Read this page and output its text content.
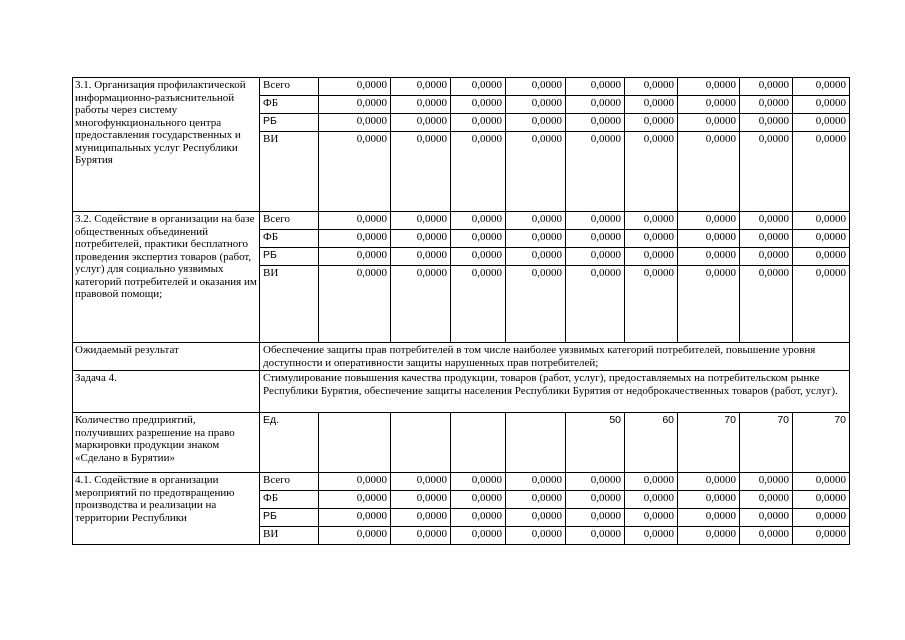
3.1. Организация профилактической информационно-разъяснительной работы через систему многофункционального центра предоставления государственных и муниципальных услуг Республики Бурятия	Всего	0,0000	0,0000	0,0000	0,0000	0,0000	0,0000	0,0000	0,0000	0,0000
	ФБ	0,0000	0,0000	0,0000	0,0000	0,0000	0,0000	0,0000	0,0000	0,0000
	РБ	0,0000	0,0000	0,0000	0,0000	0,0000	0,0000	0,0000	0,0000	0,0000
	ВИ	0,0000	0,0000	0,0000	0,0000	0,0000	0,0000	0,0000	0,0000	0,0000
3.2. Содействие в организации на базе общественных объединений потребителей, практики бесплатного проведения экспертиз товаров (работ, услуг) для социально уязвимых категорий потребителей и оказания им правовой помощи;	Всего	0,0000	0,0000	0,0000	0,0000	0,0000	0,0000	0,0000	0,0000	0,0000
	ФБ	0,0000	0,0000	0,0000	0,0000	0,0000	0,0000	0,0000	0,0000	0,0000
	РБ	0,0000	0,0000	0,0000	0,0000	0,0000	0,0000	0,0000	0,0000	0,0000
	ВИ	0,0000	0,0000	0,0000	0,0000	0,0000	0,0000	0,0000	0,0000	0,0000
Ожидаемый результат	Обеспечение защиты прав потребителей в том числе наиболее уязвимых категорий потребителей, повышение уровня доступности и оперативности защиты нарушенных прав потребителей;									
Задача 4.	Стимулирование повышения качества продукции, товаров (работ, услуг), предоставляемых на потребительском рынке Республики Бурятия, обеспечение защиты населения Республики Бурятия от недоброкачественных товаров (работ, услуг).									
Количество предприятий, получивших разрешение на право маркировки продукции знаком «Сделано в Бурятии»	Ед.					50	60	70	70	70
4.1. Содействие в организации мероприятий по предотвращению производства и реализации на территории Республики	Всего	0,0000	0,0000	0,0000	0,0000	0,0000	0,0000	0,0000	0,0000	0,0000
	ФБ	0,0000	0,0000	0,0000	0,0000	0,0000	0,0000	0,0000	0,0000	0,0000
	РБ	0,0000	0,0000	0,0000	0,0000	0,0000	0,0000	0,0000	0,0000	0,0000
	ВИ	0,0000	0,0000	0,0000	0,0000	0,0000	0,0000	0,0000	0,0000	0,0000
